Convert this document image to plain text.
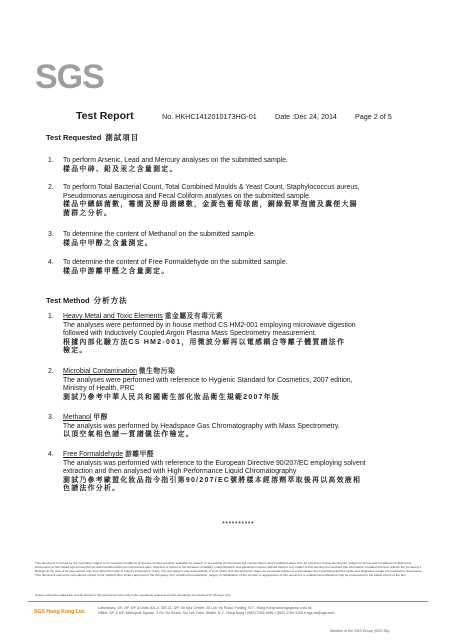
SGS
Test Report	No. HKHC1412010173HG-01	Date :Dec 24, 2014	Page 2 of 5
Test Requested 測試項目
1. To perform Arsenic, Lead and Mercury analyses on the submitted sample.
樣品中砷、鉛及汞之含量測定。
2. To perform Total Bacterial Count, Total Combined Moulds & Yeast Count, Staphylococcus aureus,
Pseudomonas aeruginosa and Fecal Coliform analyses on the submitted sample.
樣品中總細菌數，霉菌及酵母菌總數，金黃色葡萄球菌，銅綠假單孢菌及糞便大腸
菌群之分析。
3. To determine the content of Methanol on the submitted sample.
樣品中甲醇之含量測定。
4. To determine the content of Free Formaldehyde on the submitted sample.
樣品中游離甲醛之含量測定。
Test Method 分析方法
1. Heavy Metal and Toxic Elements 重金屬及有毒元素
The analyses were performed by in house method CS HM2-001 employing microwave digestion
followed with Inductively Coupled Argon Plasma Mass Spectrometry measurement.
根據內部化驗方法CS HM2-001，用微波分解再以電感耦合等離子體質譜法作
檢定。
2. Microbial Contamination 微生物污染
The analyses were performed with reference to Hygienic Standard for Cosmetics, 2007 edition,
Ministry of Health, PRC
測試乃參考中華人民共和國衛生部化妝品衛生規範2007年版
3. Methanol 甲醇
The analysis was performed by Headspace Gas Chromatography with Mass Spectrometry.
以頂空氣相色譜—質譜儀法作檢定。
4. Free Formaldehyde 游離甲醛
The analysis was performed with reference to the European Directive 90/207/EC employing solvent
extraction and then analysed with High Performance Liquid Chromatography
測試乃參考歐盟化妝品指令指引第90/207/EC號將樣本經溶劑萃取後再以高效液相
色譜法作分析。
**********
This document is issued by the Company subject to its General Conditions of Service printed overleaf, available on request or accessible at http://www.sgs.com/en/Terms-and-Conditions.aspx and, for electronic format documents, subject to Terms and Conditions for Electronic Documents at http://www.sgs.com/en/Terms-and-Conditions/Terms-e-Document.aspx. Attention is drawn to the limitation of liability, indemnification and jurisdiction issues defined therein. Any holder of this document is advised that information contained hereon reflects the Company's findings at the time of its intervention only and within the limits of Client's instructions, if any. The Company's sole responsibility is to its Client and this document does not exonerate parties to a transaction from exercising all their rights and obligations under the transaction documents. This document cannot be reproduced except in full, without prior written approval of the Company. Any unauthorized alteration, forgery or falsification of the content or appearance of this document is unlawful and offenders may be prosecuted to the fullest extent of the law.
Unless otherwise stated the results shown in this test report refer only to the sample(s) tested and such sample(s) are retained for 30 days only.
SGS Hong Kong Ltd.
Laboratory: 1/F, 4/F, 6/F & Units 301-4, 307-11, 3/F, On Wui Centre, 25 Lok Yip Road, Fanling, N.T., Hong Kong www.sgsgroup.com.hk
Office: 5/F & 6/F, Metropole Square, 2 On Yiu Street, Siu Lek Yuen, Shatin, N.T., Hong Kong t (852) 2334 4481 f (852) 2764 3126 e sgs.hk@sgs.com
Member of the SGS Group (SGS SA)
